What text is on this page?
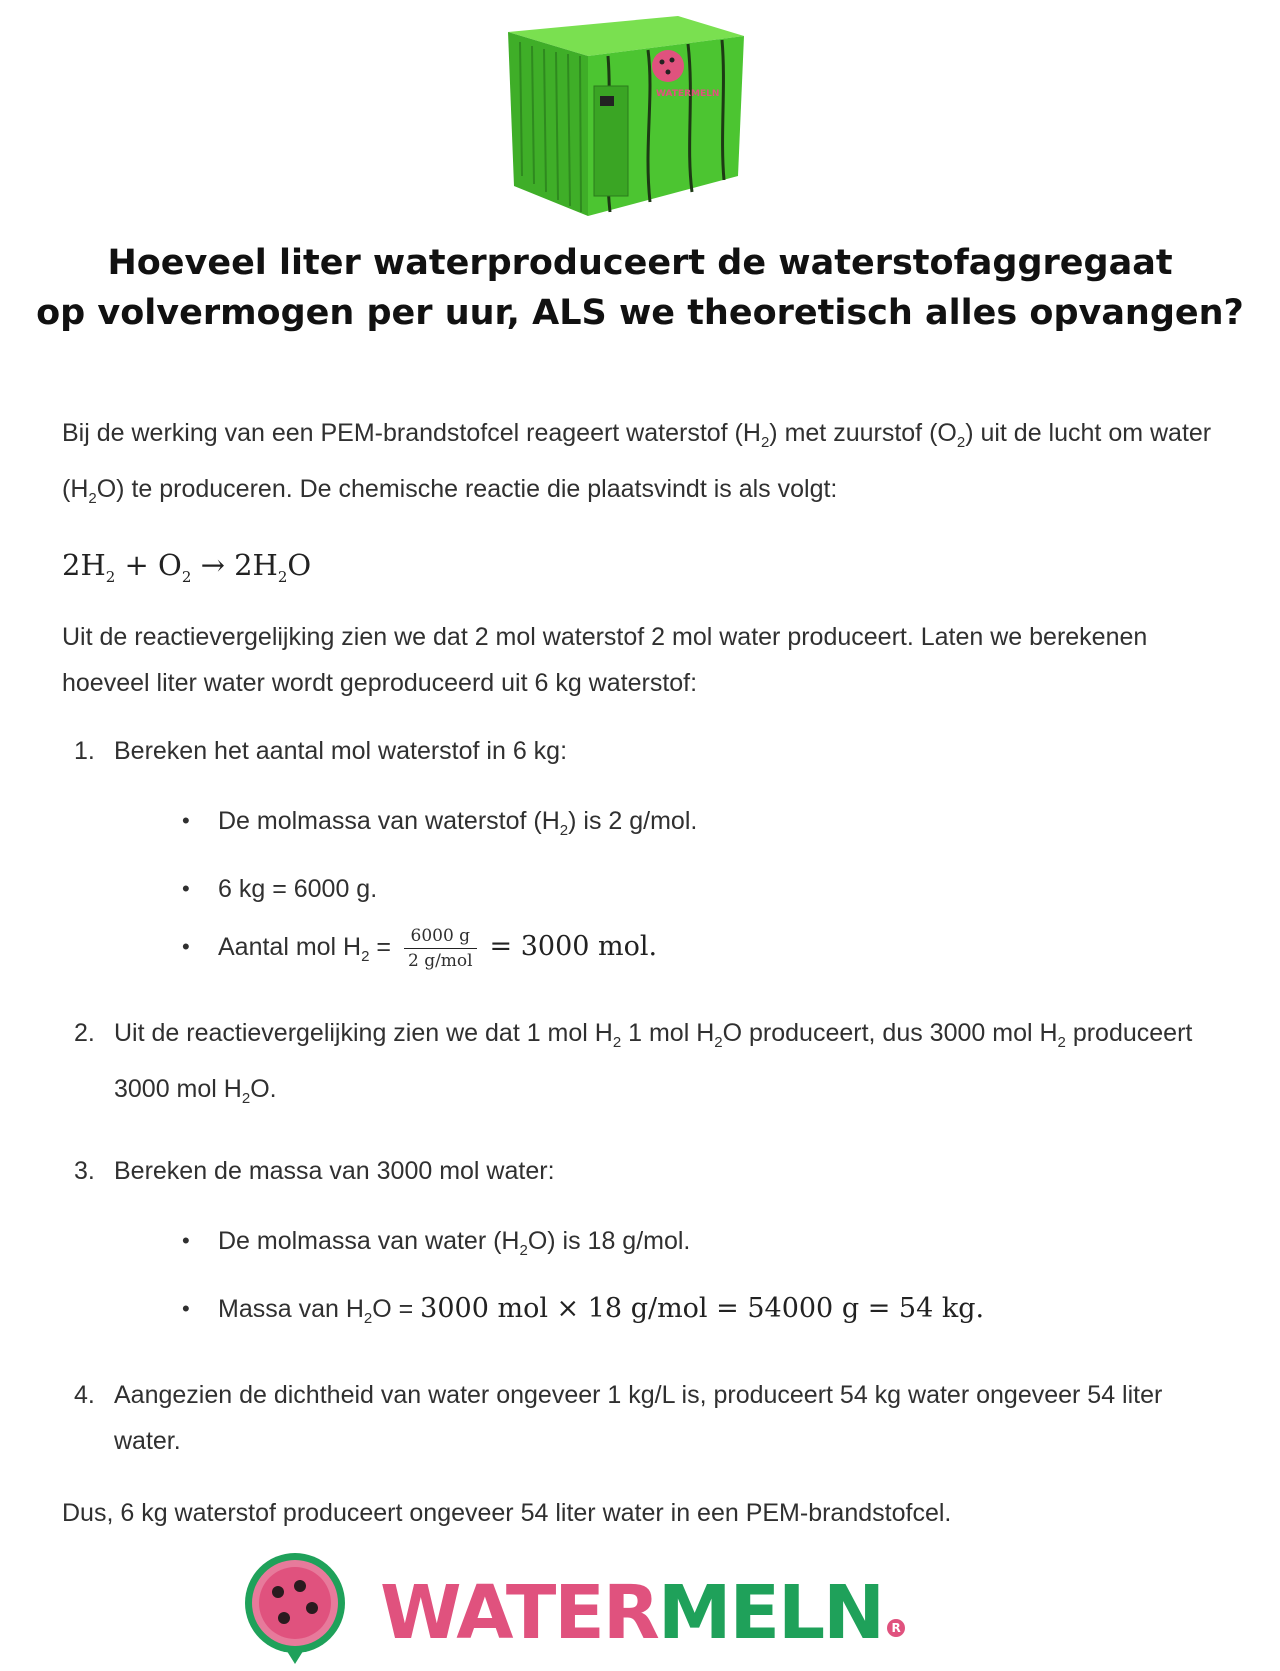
WATERMELN
Hoeveel liter waterproduceert de waterstofaggregaat
op volvermogen per uur, ALS we theoretisch alles opvangen?

Bij de werking van een PEM-brandstofcel reageert waterstof $(H_2)$ met zuurstof $(O_2)$ uit de lucht om water $(H_2O)$ te produceren. De chemische reactie die plaatsvindt is als volgt:

$2H_2 + O_2 \to 2H_2O$

Uit de reactievergelijking zien we dat 2 mol waterstof 2 mol water produceert. Laten we berekenen hoeveel liter water wordt geproduceerd uit 6 kg waterstof:

1. Bereken het aantal mol waterstof in 6 kg:
• De molmassa van waterstof $(H_2)$ is 2 g/mol.
• 6 kg = 6000 g.
• Aantal mol $H_2 = \frac{6000 g}{\text{2 g/mol}} = 3000$ mol.
2. Uit de reactievergelijking zien we dat 1 mol $H_2$ 1 mol $H_2O$ produceert, dus 3000 mol $H_2$ produceert 3000 mol $H_2O$.
3. Bereken de massa van 3000 mol water:
• De molmassa van water $(H_2O)$ is 18 g/mol.
• Massa van $H_2O = 3000$ mol × 18 g/mol = 54000 g = 54 kg.
4. Aangezien de dichtheid van water ongeveer 1 kg/L is, produceert 54 kg water ongeveer 54 liter water.

Dus, 6 kg waterstof produceert ongeveer 54 liter water in een PEM-brandstofcel.

WATERMELN R
